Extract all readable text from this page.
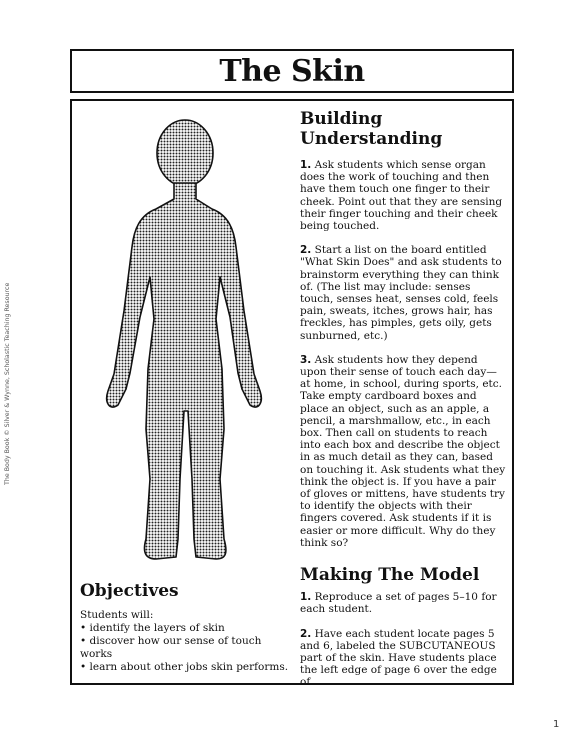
The Skin
The Body Book © Silver & Wynne, Scholastic Teaching Resource
Objectives

Students will:

• identify the layers of skin
• discover how our sense of touch works
• learn about other jobs skin performs.
Building Understanding

1. Ask students which sense organ does the work of touching and then have them touch one finger to their cheek. Point out that they are sensing their finger touching and their cheek being touched.

2. Start a list on the board entitled "What Skin Does" and ask students to brainstorm everything they can think of. (The list may include: senses touch, senses heat, senses cold, feels pain, sweats, itches, grows hair, has freckles, has pimples, gets oily, gets sunburned, etc.)

3. Ask students how they depend upon their sense of touch each day—at home, in school, during sports, etc. Take empty cardboard boxes and place an object, such as an apple, a pencil, a marshmallow, etc., in each box. Then call on students to reach into each box and describe the object in as much detail as they can, based on touching it. Ask students what they think the object is. If you have a pair of gloves or mittens, have students try to identify the objects with their fingers covered. Ask students if it is easier or more difficult. Why do they think so?

Making The Model

1. Reproduce a set of pages 5–10 for each student.

2. Have each student locate pages 5 and 6, labeled the SUBCUTANEOUS part of the skin. Have students place the left edge of page 6 over the edge of

1
